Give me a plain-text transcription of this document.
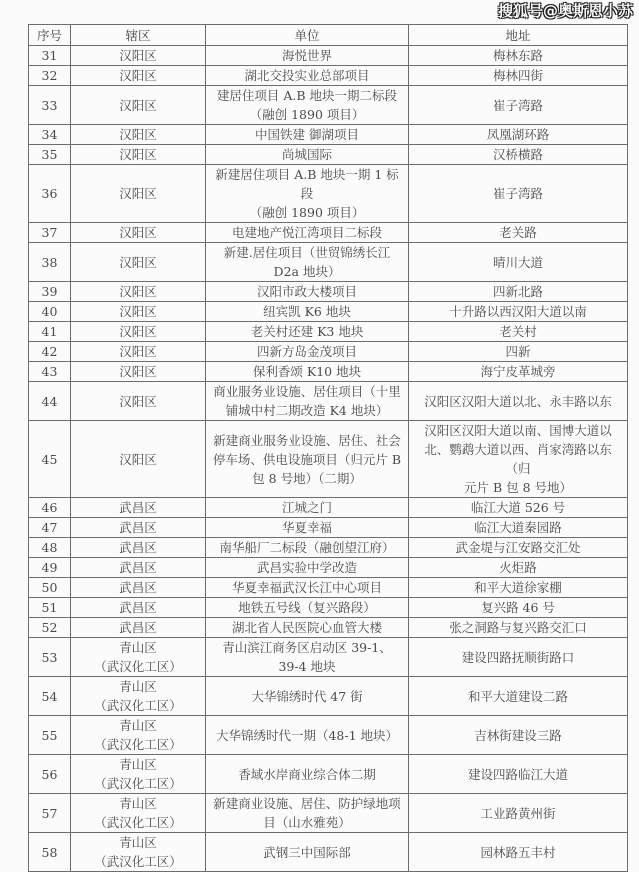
搜狐号@奥斯恩小苏
序号	辖区	单位	地址
31	汉阳区	海悦世界	梅林东路
32	汉阳区	湖北交投实业总部项目	梅林四街
33	汉阳区	建居住项目 A.B 地块一期二标段
（融创 1890 项目）	崔子湾路
34	汉阳区	中国铁建 御湖项目	凤凰湖环路
35	汉阳区	尚城国际	汉桥横路
36	汉阳区	新建居住项目 A.B 地块一期 1 标段
（融创 1890 项目）	崔子湾路
37	汉阳区	电建地产悦江湾项目二标段	老关路
38	汉阳区	新建.居住项目（世贸锦绣长江
D2a 地块）	晴川大道
39	汉阳区	汉阳市政大楼项目	四新北路
40	汉阳区	纽宾凯 K6 地块	十升路以西汉阳大道以南
41	汉阳区	老关村还建 K3 地块	老关村
42	汉阳区	四新方岛金茂项目	四新
43	汉阳区	保利香颂 K10 地块	海宁皮革城旁
44	汉阳区	商业服务业设施、居住项目（十里
铺城中村二期改造 K4 地块）	汉阳区汉阳大道以北、永丰路以东
45	汉阳区	新建商业服务业设施、居住、社会
停车场、供电设施项目（归元片 B
包 8 号地）（二期）	汉阳区汉阳大道以南、国博大道以
北、鹦鹉大道以西、肖家湾路以东（归
元片 B 包 8 号地）
46	武昌区	江城之门	临江大道 526 号
47	武昌区	华夏幸福	临江大道秦园路
48	武昌区	南华船厂二标段（融创望江府）	武金堤与江安路交汇处
49	武昌区	武昌实验中学改造	火炬路
50	武昌区	华夏幸福武汉长江中心项目	和平大道徐家棚
51	武昌区	地铁五号线（复兴路段）	复兴路 46 号
52	武昌区	湖北省人民医院心血管大楼	张之洞路与复兴路交汇口
53	青山区
（武汉化工区）	青山滨江商务区启动区 39-1、
39-4 地块	建设四路抚顺街路口
54	青山区
（武汉化工区）	大华锦绣时代 47 街	和平大道建设二路
55	青山区
（武汉化工区）	大华锦绣时代一期（48-1 地块）	吉林街建设三路
56	青山区
（武汉化工区）	香域水岸商业综合体二期	建设四路临江大道
57	青山区
（武汉化工区）	新建商业设施、居住、防护绿地项
目（山水雅苑）	工业路黄州街
58	青山区
（武汉化工区）	武钢三中国际部	园林路五丰村
